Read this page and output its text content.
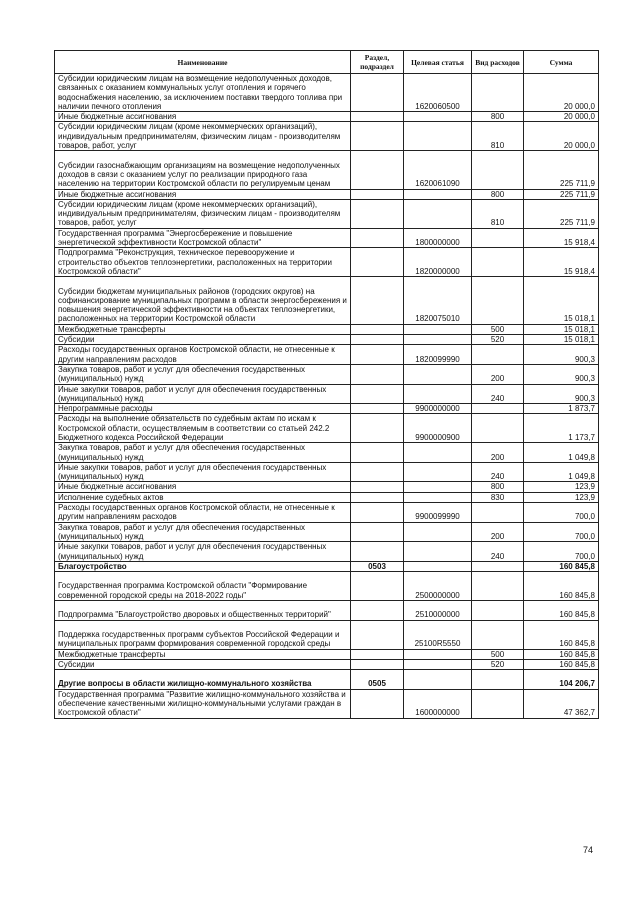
Наименование	Раздел, подраздел	Целевая статья	Вид расходов	Сумма
Субсидии юридическим лицам на возмещение недополученных доходов, связанных с оказанием коммунальных услуг отопления и горячего водоснабжения населению, за исключением поставки твердого топлива при наличии печного отопления		1620060500		20 000,0
Иные бюджетные ассигнования			800	20 000,0
Субсидии юридическим лицам (кроме некоммерческих организаций), индивидуальным предпринимателям, физическим лицам - производителям товаров, работ, услуг			810	20 000,0
Субсидии газоснабжающим организациям на возмещение недополученных доходов в связи с оказанием услуг по реализации природного газа населению на территории Костромской области по регулируемым ценам		1620061090		225 711,9
Иные бюджетные ассигнования			800	225 711,9
Субсидии юридическим лицам (кроме некоммерческих организаций), индивидуальным предпринимателям, физическим лицам - производителям товаров, работ, услуг			810	225 711,9
Государственная программа "Энергосбережение и повышение энергетической эффективности Костромской области"		1800000000		15 918,4
Подпрограмма "Реконструкция, техническое перевооружение и строительство объектов теплоэнергетики, расположенных на территории Костромской области"		1820000000		15 918,4
Субсидии бюджетам муниципальных районов (городских округов) на софинансирование муниципальных программ в области энергосбережения и повышения энергетической эффективности на объектах теплоэнергетики, расположенных на территории Костромской области		1820075010		15 018,1
Межбюджетные трансферты			500	15 018,1
Субсидии			520	15 018,1
Расходы государственных органов Костромской области, не отнесенные к другим направлениям расходов		1820099990		900,3
Закупка товаров, работ и услуг для обеспечения государственных (муниципальных) нужд			200	900,3
Иные закупки товаров, работ и услуг для обеспечения государственных (муниципальных) нужд			240	900,3
Непрограммные расходы		9900000000		1 873,7
Расходы на выполнение обязательств по судебным актам по искам к Костромской области, осуществляемым в соответствии со статьей 242.2 Бюджетного кодекса Российской Федерации		9900000900		1 173,7
Закупка товаров, работ и услуг для обеспечения государственных (муниципальных) нужд			200	1 049,8
Иные закупки товаров, работ и услуг для обеспечения государственных (муниципальных) нужд			240	1 049,8
Иные бюджетные ассигнования			800	123,9
Исполнение судебных актов			830	123,9
Расходы государственных органов Костромской области, не отнесенные к другим направлениям расходов		9900099990		700,0
Закупка товаров, работ и услуг для обеспечения государственных (муниципальных) нужд			200	700,0
Иные закупки товаров, работ и услуг для обеспечения государственных (муниципальных) нужд			240	700,0
Благоустройство	0503			160 845,8
Государственная программа Костромской области "Формирование современной городской среды на 2018-2022 годы"		2500000000		160 845,8
Подпрограмма "Благоустройство дворовых и общественных территорий"		2510000000		160 845,8
Поддержка государственных программ субъектов Российской Федерации и муниципальных программ формирования современной городской среды		25100R5550		160 845,8
Межбюджетные трансферты			500	160 845,8
Субсидии			520	160 845,8
Другие вопросы в области жилищно-коммунального хозяйства	0505			104 206,7
Государственная программа "Развитие жилищно-коммунального хозяйства и обеспечение качественными жилищно-коммунальными услугами граждан в Костромской области"		1600000000		47 362,7
74
